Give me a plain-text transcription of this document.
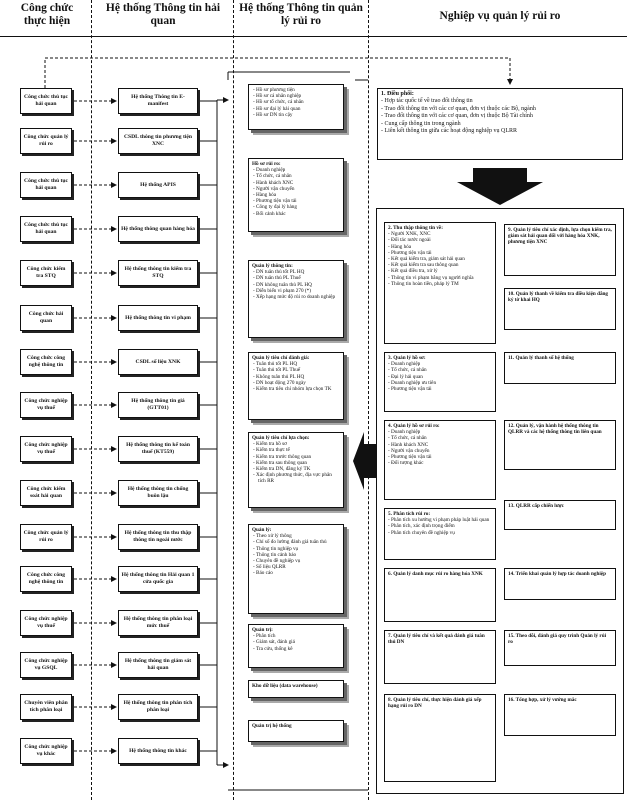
Công chức thực hiện
Hệ thống Thông tin hải quan
Hệ thống Thông tin quản lý rủi ro	Nghiệp vụ quản lý rủi ro
Công chức thủ tục hải quan
Công chức quản lý rủi ro
Công chức thủ tục hải quan
Công chức thủ tục hải quan
Công chức kiểm tra STQ
Công chức hải quan
Công chức công nghệ thông tin
Công chức nghiệp vụ thuế
Công chức nghiệp vụ thuế
Công chức kiểm soát hải quan
Công chức quản lý rủi ro
Công chức công nghệ thông tin
Công chức nghiệp vụ thuế
Công chức nghiệp vụ GSQL
Chuyên viên phân tích phân loại
Công chức nghiệp vụ khác
Hệ thống Thông tin E-manifest
CSDL thông tin phương tiện XNC
Hệ thống APIS
Hệ thống thông quan hàng hóa
Hệ thống thông tin kiểm tra STQ
Hệ thống thông tin vi phạm
CSDL số liệu XNK
Hệ thống thông tin giá (GTT01)
Hệ thống thông tin kế toán thuế (KT559)
Hệ thống thông tin chống buôn lậu
Hệ thống thông tin thu thập thông tin ngoài nước
Hệ thống thông tin Hải quan 1 cửa quốc gia
Hệ thống thông tin phân loại mức thuế
Hệ thống thông tin giám sát hải quan
Hệ thống thông tin phân tích phân loại
Hệ thống thông tin khác
- Hồ sơ phương tiện
- Hồ sơ cá nhân nghiệp
- Hồ sơ tổ chức, cá nhân
- Hồ sơ đại lý hải quan
- Hồ sơ DN tin cậy
Hồ sơ rủi ro:
- Doanh nghiệp
- Tổ chức, cá nhân
- Hành khách XNC
- Người vận chuyển
- Hàng hóa
- Phương tiện vận tải
- Công ty đại lý hàng
- Bối cảnh khác
Quản lý thông tin:
- DN tuân thủ tốt PL HQ
- DN tuân thủ PL Thuế
- DN không tuân thủ PL HQ
- Diễn biến vi phạm 270 (*)
- Xếp hạng mức độ rủi ro doanh nghiệp
Quản lý tiêu chí đánh giá:
- Tuân thủ tốt PL HQ
- Tuân thủ tốt PL Thuế
- Không tuân thủ PL HQ
- DN hoạt động 270 ngày
- Kiểm tra tiêu chí nhóm lựa chọn TK
Quản lý tiêu chí lựa chọn:
- Kiểm tra hồ sơ
- Kiểm tra thực tế
- Kiểm tra trước thông quan
- Kiểm tra sau thông quan
- Kiểm tra DN, đăng ký TK
- Xác định phương thức, địa vực phân tích RR
Quản lý:
- Theo xử lý thông
- Chỉ số đo lường đánh giá tuân thủ
- Thông tin nghiệp vụ
- Thông tin cảnh báo
- Chuyên đề nghiệp vụ
- Số liệu QLRR
- Báo cáo
Quản trị:
- Phân tích
- Giám sát, đánh giá
- Tra cứu, thống kê
Kho dữ liệu (data warehouse)
Quản trị hệ thống
1. Điều phối:
- Hợp tác quốc tế về trao đổi thông tin
- Trao đổi thông tin với các cơ quan, đơn vị thuộc các Bộ, ngành
- Trao đổi thông tin với các cơ quan, đơn vị thuộc Bộ Tài chính
- Cung cấp thông tin trong ngành
- Liên kết thông tin giữa các hoạt động nghiệp vụ QLRR
2. Thu thập thông tin về:
- Người XNK, XNC
- Đối tác nước ngoài
- Hàng hóa
- Phương tiện vận tải
- Kết quả kiểm tra, giám sát hải quan
- Kết quả kiểm tra sau thông quan
- Kết quả điều tra, xử lý
- Thông tin vi phạm bằng vụ người nghĩa
- Thông tin hoàn tiền, pháp lý TM
3. Quản lý hồ sơ:
- Doanh nghiệp
- Tổ chức, cá nhân
- Đại lý hải quan
- Doanh nghiệp ưu tiên
- Phương tiện vận tải
4. Quản lý hồ sơ rủi ro:
- Doanh nghiệp
- Tổ chức, cá nhân
- Hành khách XNC
- Người vận chuyển
- Phương tiện vận tải
- Đối tượng khác
5. Phân tích rủi ro:
- Phân tích xu hướng vi phạm pháp luật hải quan
- Phân tích, xác định trọng điểm
- Phân tích chuyên đề nghiệp vụ
6. Quản lý danh mục rủi ro hàng hóa XNK
7. Quản lý tiêu chí và kết quả đánh giá tuân thủ DN
8. Quản lý tiêu chí, thực hiện đánh giá xếp hạng rủi ro DN
9. Quản lý tiêu chí xác định, lựa chọn kiểm tra, giám sát hải quan đối với hàng hóa XNK, phương tiện XNC
10. Quản lý thanh về kiểm tra điều kiện đăng ký tờ khai HQ
11. Quản lý thanh số hệ thống
12. Quản lý, vận hành hệ thống thông tin QLRR và các hệ thống thông tin liên quan
13. QLRR cấp chiến lược
14. Triển khai quản lý hợp tác doanh nghiệp
15. Theo dõi, đánh giá quy trình Quản lý rủi ro
16. Tổng hợp, xử lý vướng mắc
